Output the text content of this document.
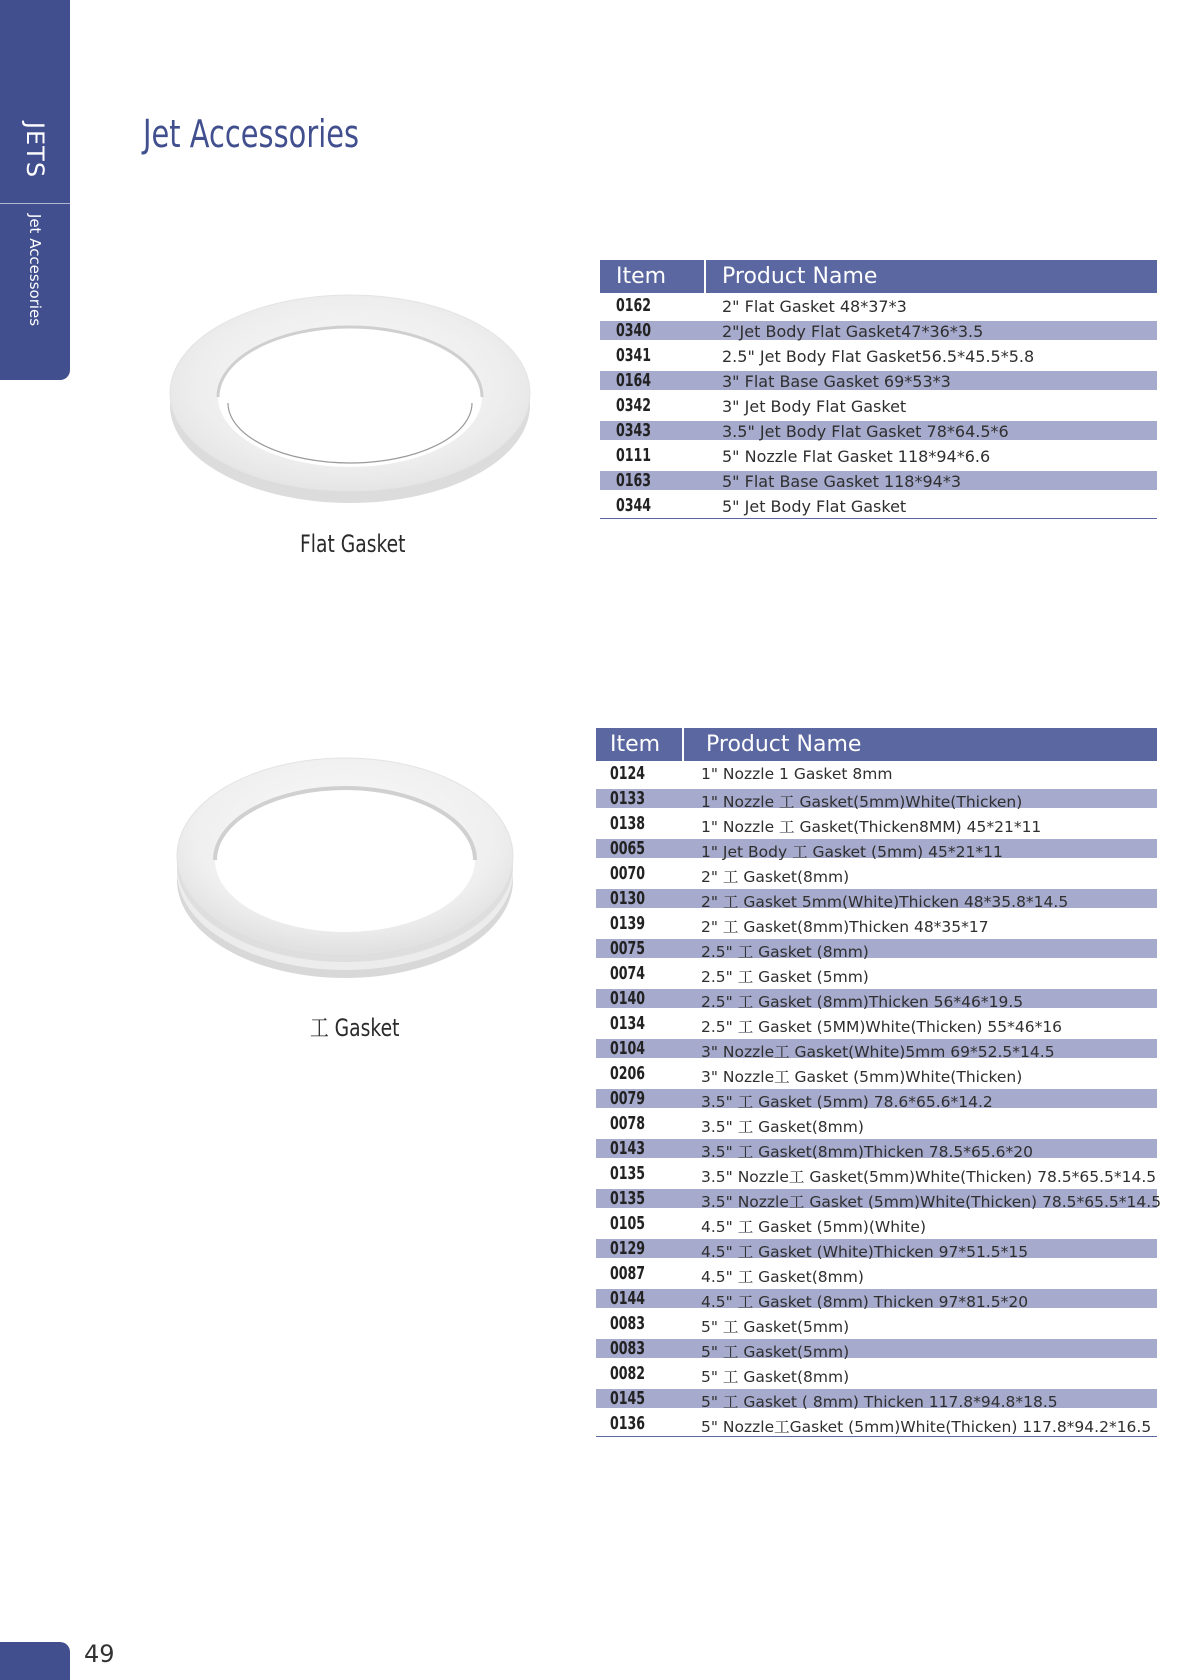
JETS
Jet Accessories
Jet Accessories
Flat Gasket
工 Gasket
Item	Product Name
0162	2" Flat Gasket 48*37*3
0340	2"Jet Body Flat Gasket47*36*3.5
0341	2.5" Jet Body Flat Gasket56.5*45.5*5.8
0164	3" Flat Base Gasket 69*53*3
0342	3" Jet Body Flat Gasket
0343	3.5" Jet Body Flat Gasket 78*64.5*6
0111	5" Nozzle Flat Gasket 118*94*6.6
0163	5" Flat Base Gasket 118*94*3
0344	5" Jet Body Flat Gasket
Item Product Name
0124	1" Nozzle 1 Gasket 8mm
0133	1" Nozzle 工 Gasket(5mm)White(Thicken)
0138	1" Nozzle 工 Gasket(Thicken8MM) 45*21*11
0065	1" Jet Body 工 Gasket (5mm) 45*21*11
0070	2" 工 Gasket(8mm)
0130	2" 工 Gasket 5mm(White)Thicken 48*35.8*14.5
0139	2" 工 Gasket(8mm)Thicken 48*35*17
0075	2.5" 工 Gasket (8mm)
0074	2.5" 工 Gasket (5mm)
0140	2.5" 工 Gasket (8mm)Thicken 56*46*19.5
0134	2.5" 工 Gasket (5MM)White(Thicken) 55*46*16
0104	3" Nozzle工 Gasket(White)5mm 69*52.5*14.5
0206	3" Nozzle工 Gasket (5mm)White(Thicken)
0079	3.5" 工 Gasket (5mm) 78.6*65.6*14.2
0078	3.5" 工 Gasket(8mm)
0143	3.5" 工 Gasket(8mm)Thicken 78.5*65.6*20
0135	3.5" Nozzle工 Gasket(5mm)White(Thicken) 78.5*65.5*14.5
0135	3.5" Nozzle工 Gasket (5mm)White(Thicken) 78.5*65.5*14.5
0105	4.5" 工 Gasket (5mm)(White)
0129	4.5" 工 Gasket (White)Thicken 97*51.5*15
0087	4.5" 工 Gasket(8mm)
0144	4.5" 工 Gasket (8mm) Thicken 97*81.5*20
0083	5" 工 Gasket(5mm)
0083	5" 工 Gasket(5mm)
0082	5" 工 Gasket(8mm)
0145	5" 工 Gasket ( 8mm) Thicken 117.8*94.8*18.5
0136	5" Nozzle工Gasket (5mm)White(Thicken) 117.8*94.2*16.5
49
